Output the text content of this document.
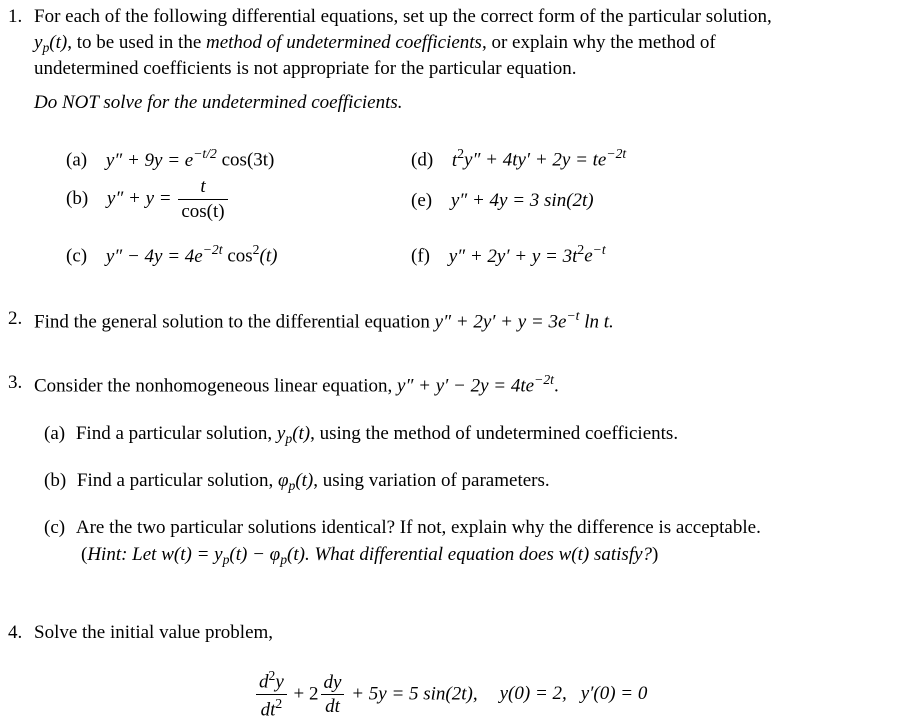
1. For each of the following differential equations, set up the correct form of the particular solution,
$y_p(t)$, to be used in the method of undetermined coefficients, or explain why the method of
undetermined coefficients is not appropriate for the particular equation.
Do NOT solve for the undetermined coefficients.
(a) $y'' + 9y = e^{-t/2}$ cos(3t)
(b) $y'' + y = \frac{t}{\cos(t)}$
(c) $y'' - 4y = 4e^{-2t}$ $\cos^2(t)$
(d) $t^2y'' + 4ty' + 2y = te^{-2t}$
(e) y″ + 4y = 3 sin(2t)
(f) $y'' + 2y' + y = 3t^2e^{-t}$
2. Find the general solution to the differential equation $y'' + 2y' + y = 3e^{-t}$ ln t.
3. Consider the nonhomogeneous linear equation, $y'' + y' - 2y = 4te^{-2t}$.
(a) Find a particular solution, $y_p(t)$, using the method of undetermined coefficients.
(b) Find a particular solution, $\varphi_p(t)$, using variation of parameters.
(c) Are the two particular solutions identical? If not, explain why the difference is acceptable.
(Hint: Let $w(t) = y_p(t) - \varphi_p(t)$. What differential equation does w(t) satisfy?)
4. Solve the initial value problem,
$\frac{d^2y}{dt^2} + 2 \frac{dy}{dt} + 5y = 5$ sin(2t), y(0) = 2, y′(0) = 0
